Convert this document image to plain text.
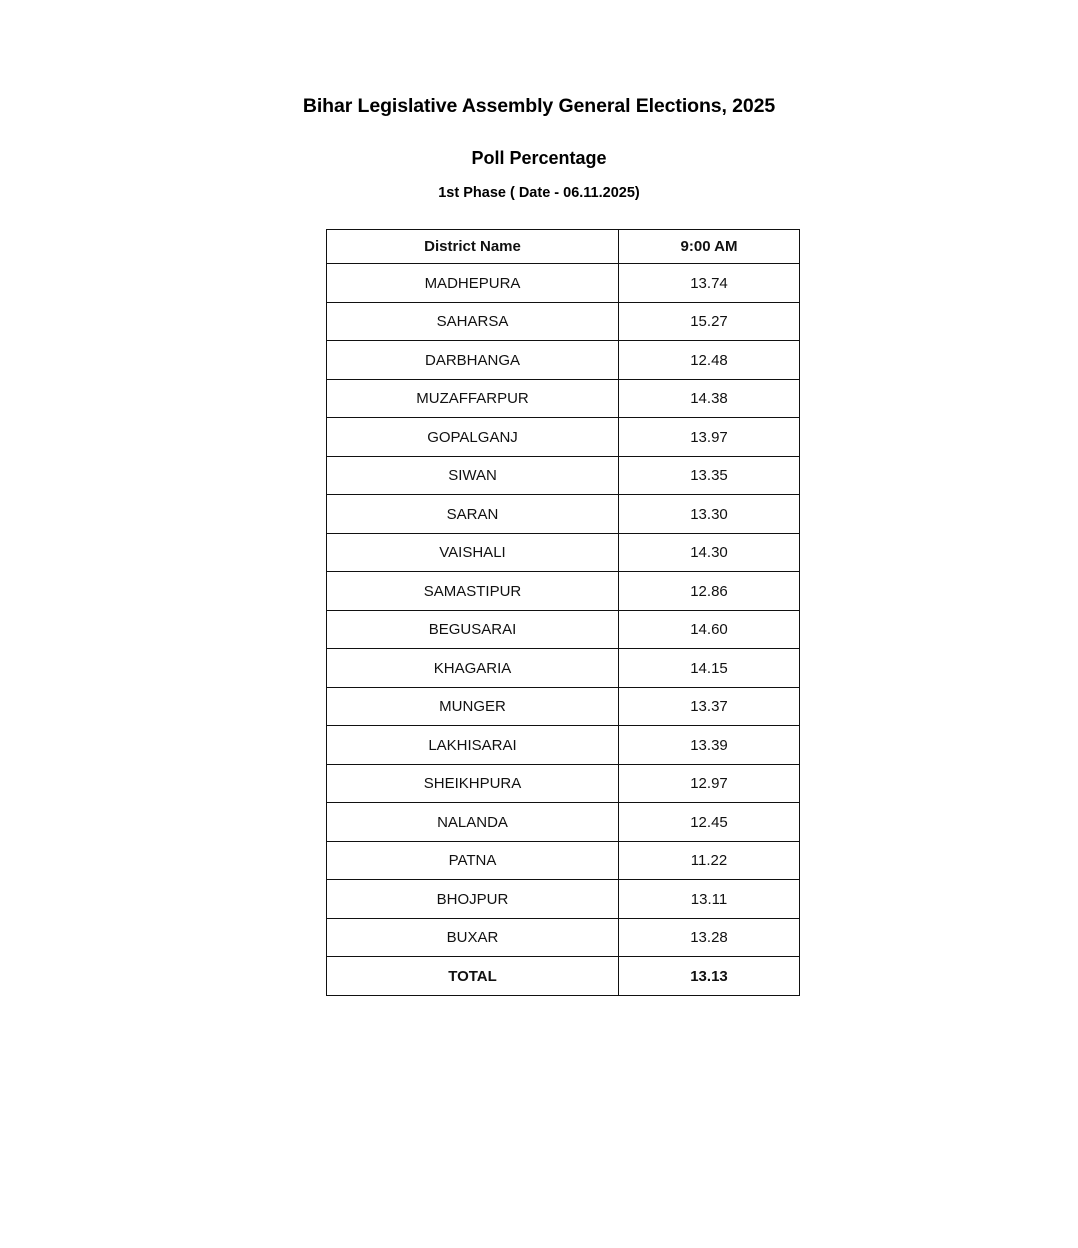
Bihar Legislative Assembly General Elections, 2025
Poll Percentage
1st Phase ( Date - 06.11.2025)
District Name	9:00 AM
MADHEPURA	13.74
SAHARSA	15.27
DARBHANGA	12.48
MUZAFFARPUR	14.38
GOPALGANJ	13.97
SIWAN	13.35
SARAN	13.30
VAISHALI	14.30
SAMASTIPUR	12.86
BEGUSARAI	14.60
KHAGARIA	14.15
MUNGER	13.37
LAKHISARAI	13.39
SHEIKHPURA	12.97
NALANDA	12.45
PATNA	11.22
BHOJPUR	13.11
BUXAR	13.28
TOTAL	13.13
